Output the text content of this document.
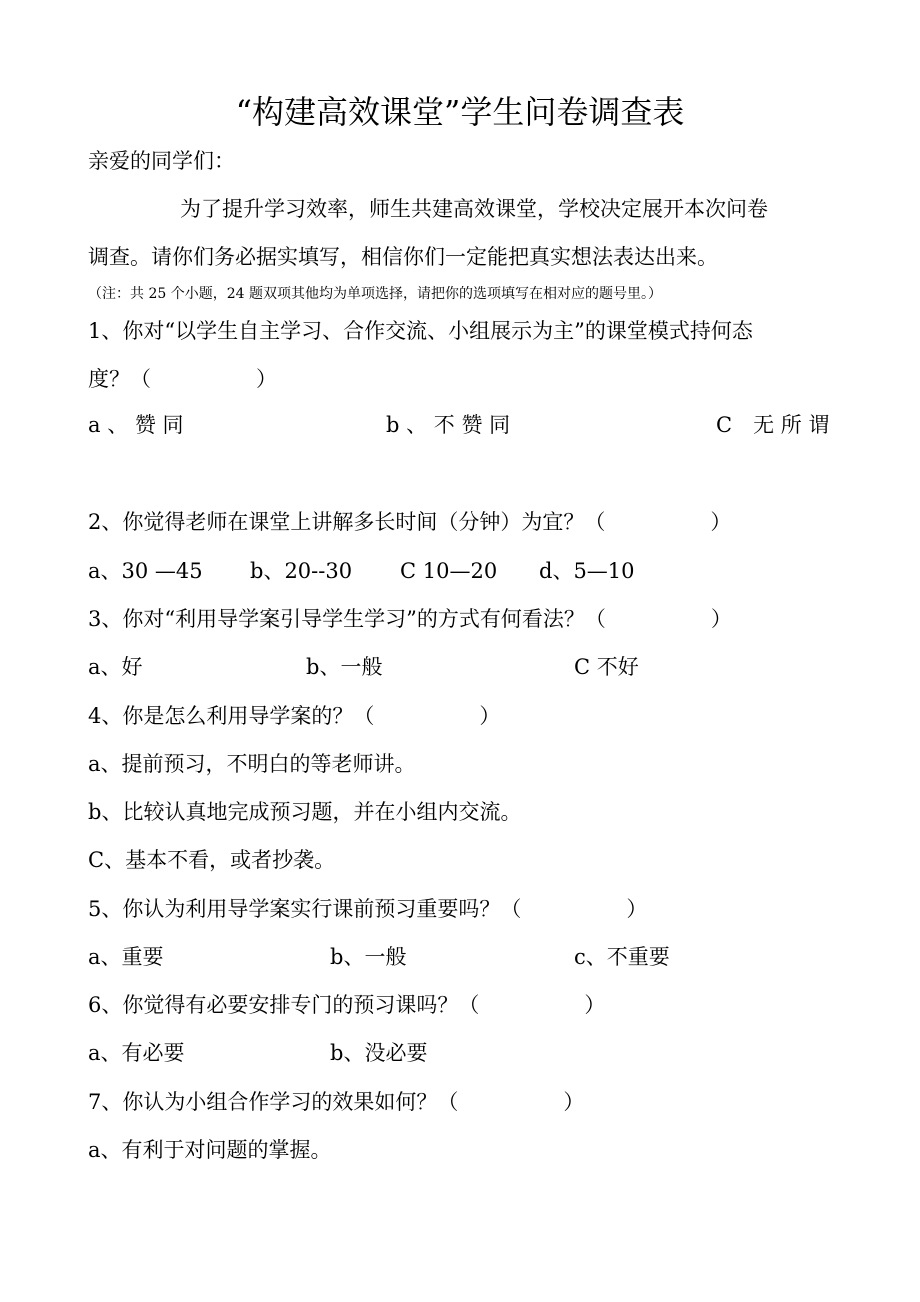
“构建高效课堂”学生问卷调查表
亲爱的同学们：
为了提升学习效率，师生共建高效课堂，学校决定展开本次问卷
调查。请你们务必据实填写，相信你们一定能把真实想法表达出来。
（注：共 25 个小题，24 题双项其他均为单项选择，请把你的选项填写在相对应的题号里。）
1、你对“以学生自主学习、合作交流、小组展示为主”的课堂模式持何态
度？（　　　　　）
a 、 赞 同	b 、 不 赞 同	C　无 所 谓
2、你觉得老师在课堂上讲解多长时间（分钟）为宜？（　　　　　）
a、30 —45 b、20--30 C 10—20 d、5—10
3、你对“利用导学案引导学生学习”的方式有何看法？（　　　　　）
a、好	b、一般	C 不好
4、你是怎么利用导学案的？（　　　　　）
a、提前预习，不明白的等老师讲。
b、比较认真地完成预习题，并在小组内交流。
C、基本不看，或者抄袭。
5、你认为利用导学案实行课前预习重要吗？（　　　　　）
a、重要	b、一般	c、不重要
6、你觉得有必要安排专门的预习课吗？（　　　　　）
a、有必要	b、没必要
7、你认为小组合作学习的效果如何？（　　　　　）
a、有利于对问题的掌握。
